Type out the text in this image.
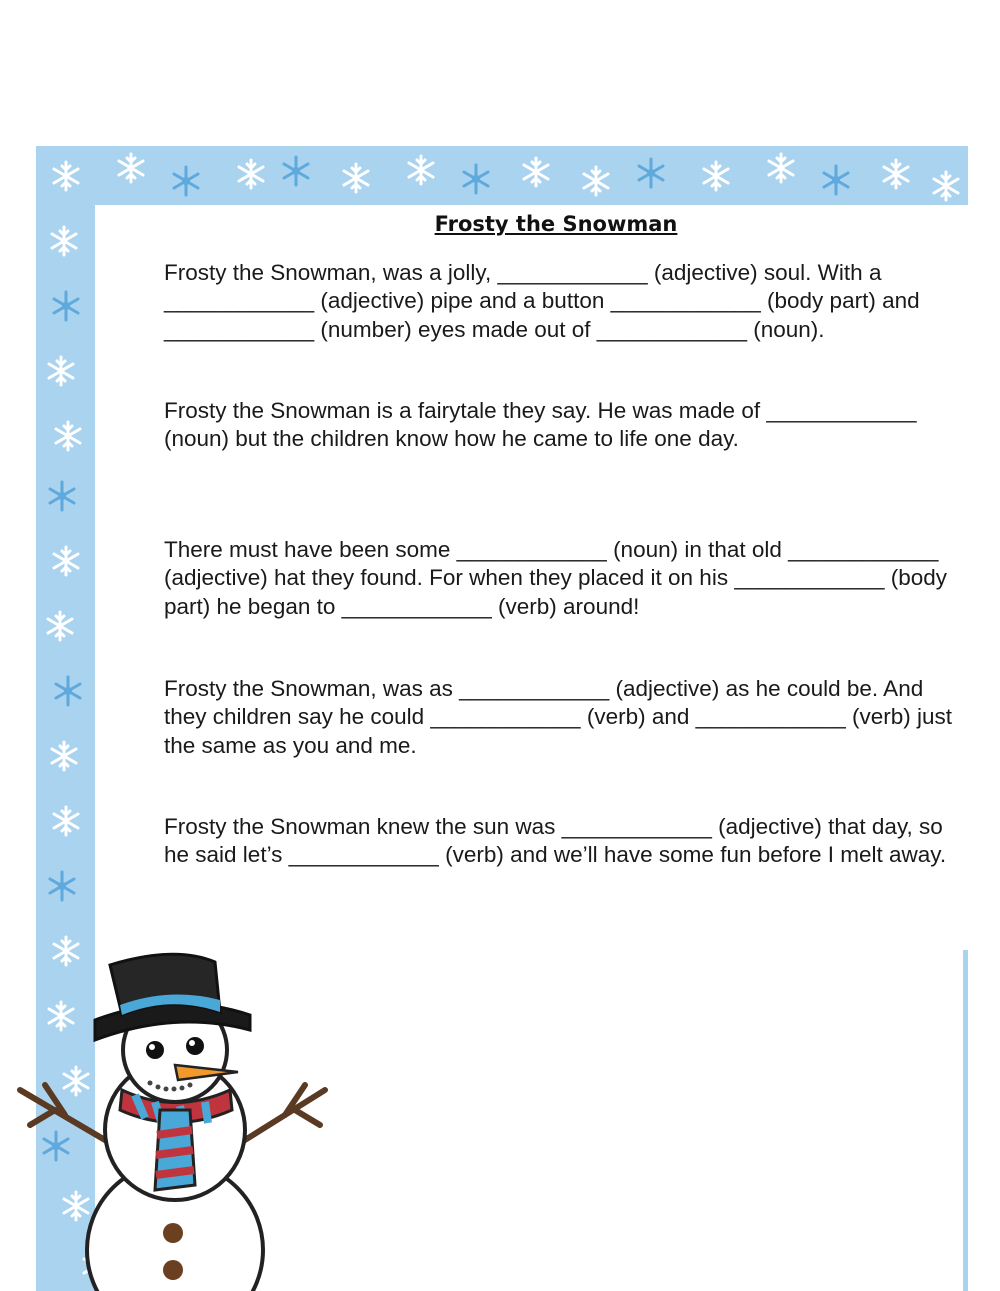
Frosty the Snowman

Frosty the Snowman, was a jolly, ____________ (adjective) soul. With a ____________ (adjective) pipe and a button ____________ (body part) and ____________ (number) eyes made out of ____________ (noun).

Frosty the Snowman is a fairytale they say. He was made of ____________ (noun) but the children know how he came to life one day.

There must have been some ____________ (noun) in that old ____________ (adjective) hat they found. For when they placed it on his ____________ (body part) he began to ____________ (verb) around!

Frosty the Snowman, was as ____________ (adjective) as he could be. And they children say he could ____________ (verb) and ____________ (verb) just the same as you and me.

Frosty the Snowman knew the sun was ____________ (adjective) that day, so he said let’s ____________ (verb) and we’ll have some fun before I melt away.
